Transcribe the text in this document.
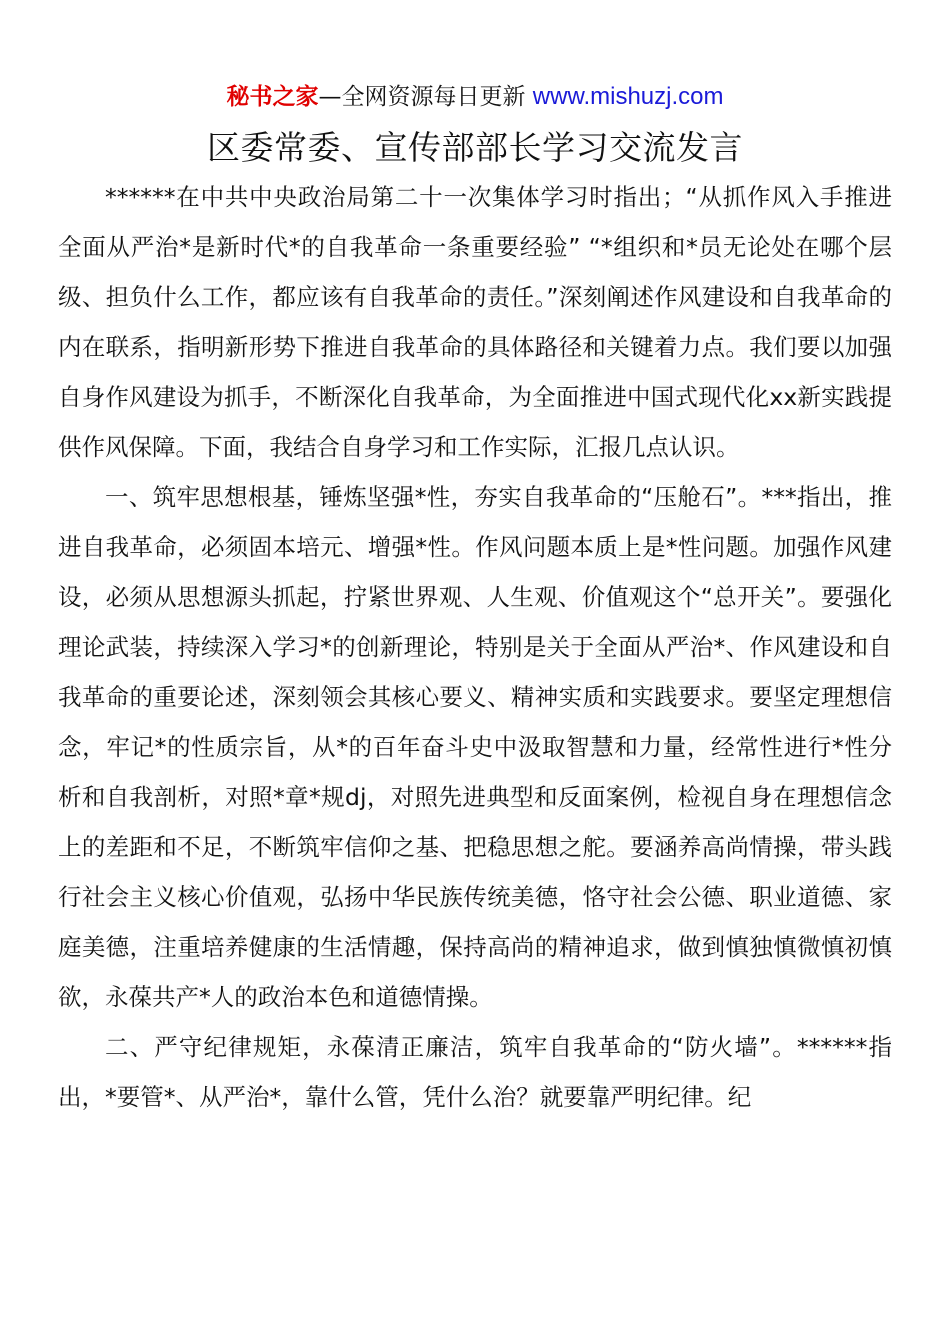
秘书之家—全网资源每日更新 www.mishuzj.com
区委常委、宣传部部长学习交流发言

******在中共中央政治局第二十一次集体学习时指出；“从抓作风入手推进全面从严治*是新时代*的自我革命一条重要经验” “*组织和*员无论处在哪个层级、担负什么工作，都应该有自我革命的责任。”深刻阐述作风建设和自我革命的内在联系，指明新形势下推进自我革命的具体路径和关键着力点。我们要以加强自身作风建设为抓手，不断深化自我革命，为全面推进中国式现代化xx新实践提供作风保障。下面，我结合自身学习和工作实际，汇报几点认识。

一、筑牢思想根基，锤炼坚强*性，夯实自我革命的“压舱石”。***指出，推进自我革命，必须固本培元、增强*性。作风问题本质上是*性问题。加强作风建设，必须从思想源头抓起，拧紧世界观、人生观、价值观这个“总开关”。要强化理论武装，持续深入学习*的创新理论，特别是关于全面从严治*、作风建设和自我革命的重要论述，深刻领会其核心要义、精神实质和实践要求。要坚定理想信念，牢记*的性质宗旨，从*的百年奋斗史中汲取智慧和力量，经常性进行*性分析和自我剖析，对照*章*规dj，对照先进典型和反面案例，检视自身在理想信念上的差距和不足，不断筑牢信仰之基、把稳思想之舵。要涵养高尚情操，带头践行社会主义核心价值观，弘扬中华民族传统美德，恪守社会公德、职业道德、家庭美德，注重培养健康的生活情趣，保持高尚的精神追求，做到慎独慎微慎初慎欲，永葆共产*人的政治本色和道德情操。

二、严守纪律规矩，永葆清正廉洁，筑牢自我革命的“防火墙”。******指出，*要管*、从严治*，靠什么管，凭什么治？就要靠严明纪律。纪
